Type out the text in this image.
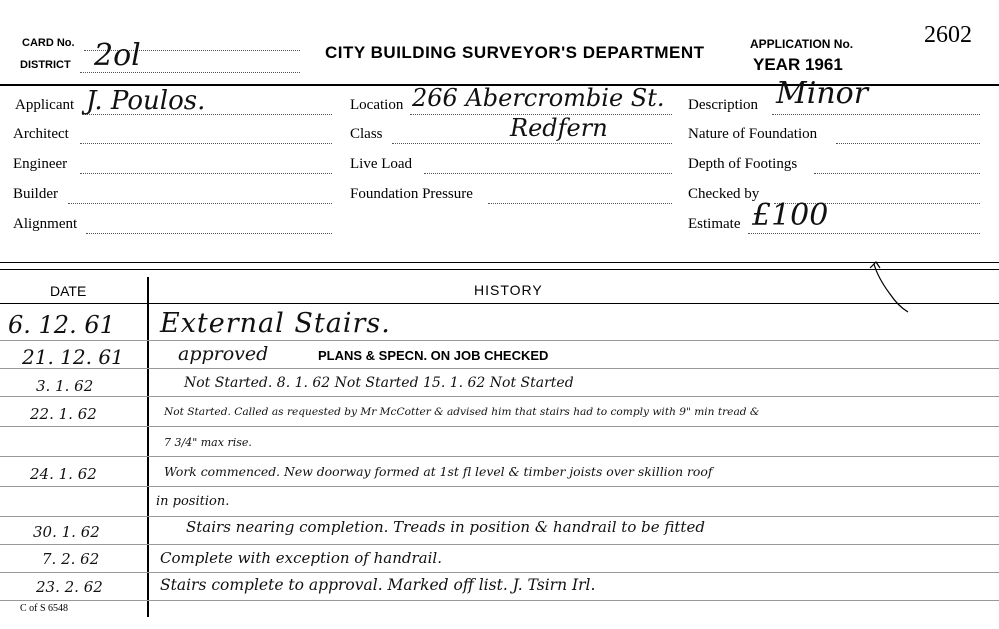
CARD No.
DISTRICT 2ol	CITY BUILDING SURVEYOR'S DEPARTMENT	APPLICATION No.	2602
YEAR 1961
Applicant J. Poulos.
Architect
Engineer
Builder
Alignment
Location 266 Abercrombie St.
Class	Redfern
Live Load
Foundation Pressure
Description Minor
Nature of Foundation
Depth of Footings
Checked by
Estimate £100
DATE	HISTORY
6. 12. 61 External Stairs.
21. 12. 61	approved	PLANS & SPECN. ON JOB CHECKED
3. 1. 62	Not Started. 8. 1. 62 Not Started 15. 1. 62 Not Started
22. 1. 62	Not Started. Called as requested by Mr McCotter & advised him that stairs had to comply with 9" min tread &
7 3/4" max rise.
24. 1. 62	Work commenced. New doorway formed at 1st fl level & timber joists over skillion roof
in position.
30. 1. 62	Stairs nearing completion. Treads in position & handrail to be fitted
7. 2. 62	Complete with exception of handrail.
23. 2. 62	Stairs complete to approval. Marked off list. J. Tsirn Irl.
C of S 6548
